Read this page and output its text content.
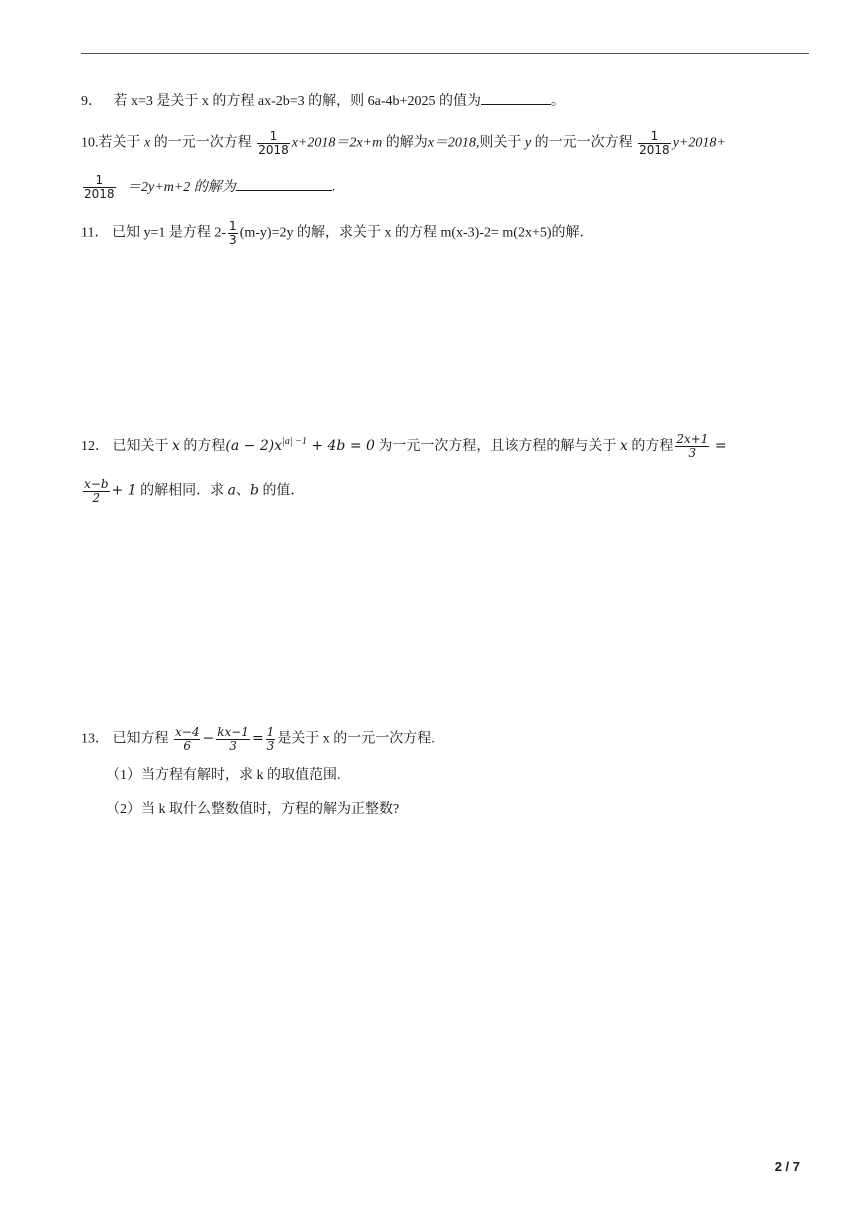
9． 若 x=3 是关于 x 的方程 ax-2b=3 的解，则 6a-4b+2025 的值为	。
10.若关于 x 的一元一次方程 $\frac{1}{2018} x+2018=2x+m$ 的解为x＝2018,则关于 y 的一元一次方程 $\frac{1}{2018} y+2018+$
$\frac{1}{2018} =2y+m+2$ 的解为	.
11． 已知 y=1 是方程 $2- \frac{1}{3} (m-y)=2y$ 的解，求关于 x 的方程 m(x-3)-2= m(2x+5)的解．
12． 已知关于 x 的方程$(a - 2)x^{|a| -1} + 4b = 0$ 为一元一次方程，且该方程的解与关于 x 的方程 $\frac{2x+1}{3}$ =
$\frac{x-b}{2} + 1$ 的解相同．求 a、b 的值．
13． 已知方程 $\frac{x-4}{6} - \frac{kx-1}{3} = \frac{1}{3}$ 是关于 x 的一元一次方程.
（1）当方程有解时，求 k 的取值范围.
（2）当 k 取什么整数值时，方程的解为正整数?
2 / 7
